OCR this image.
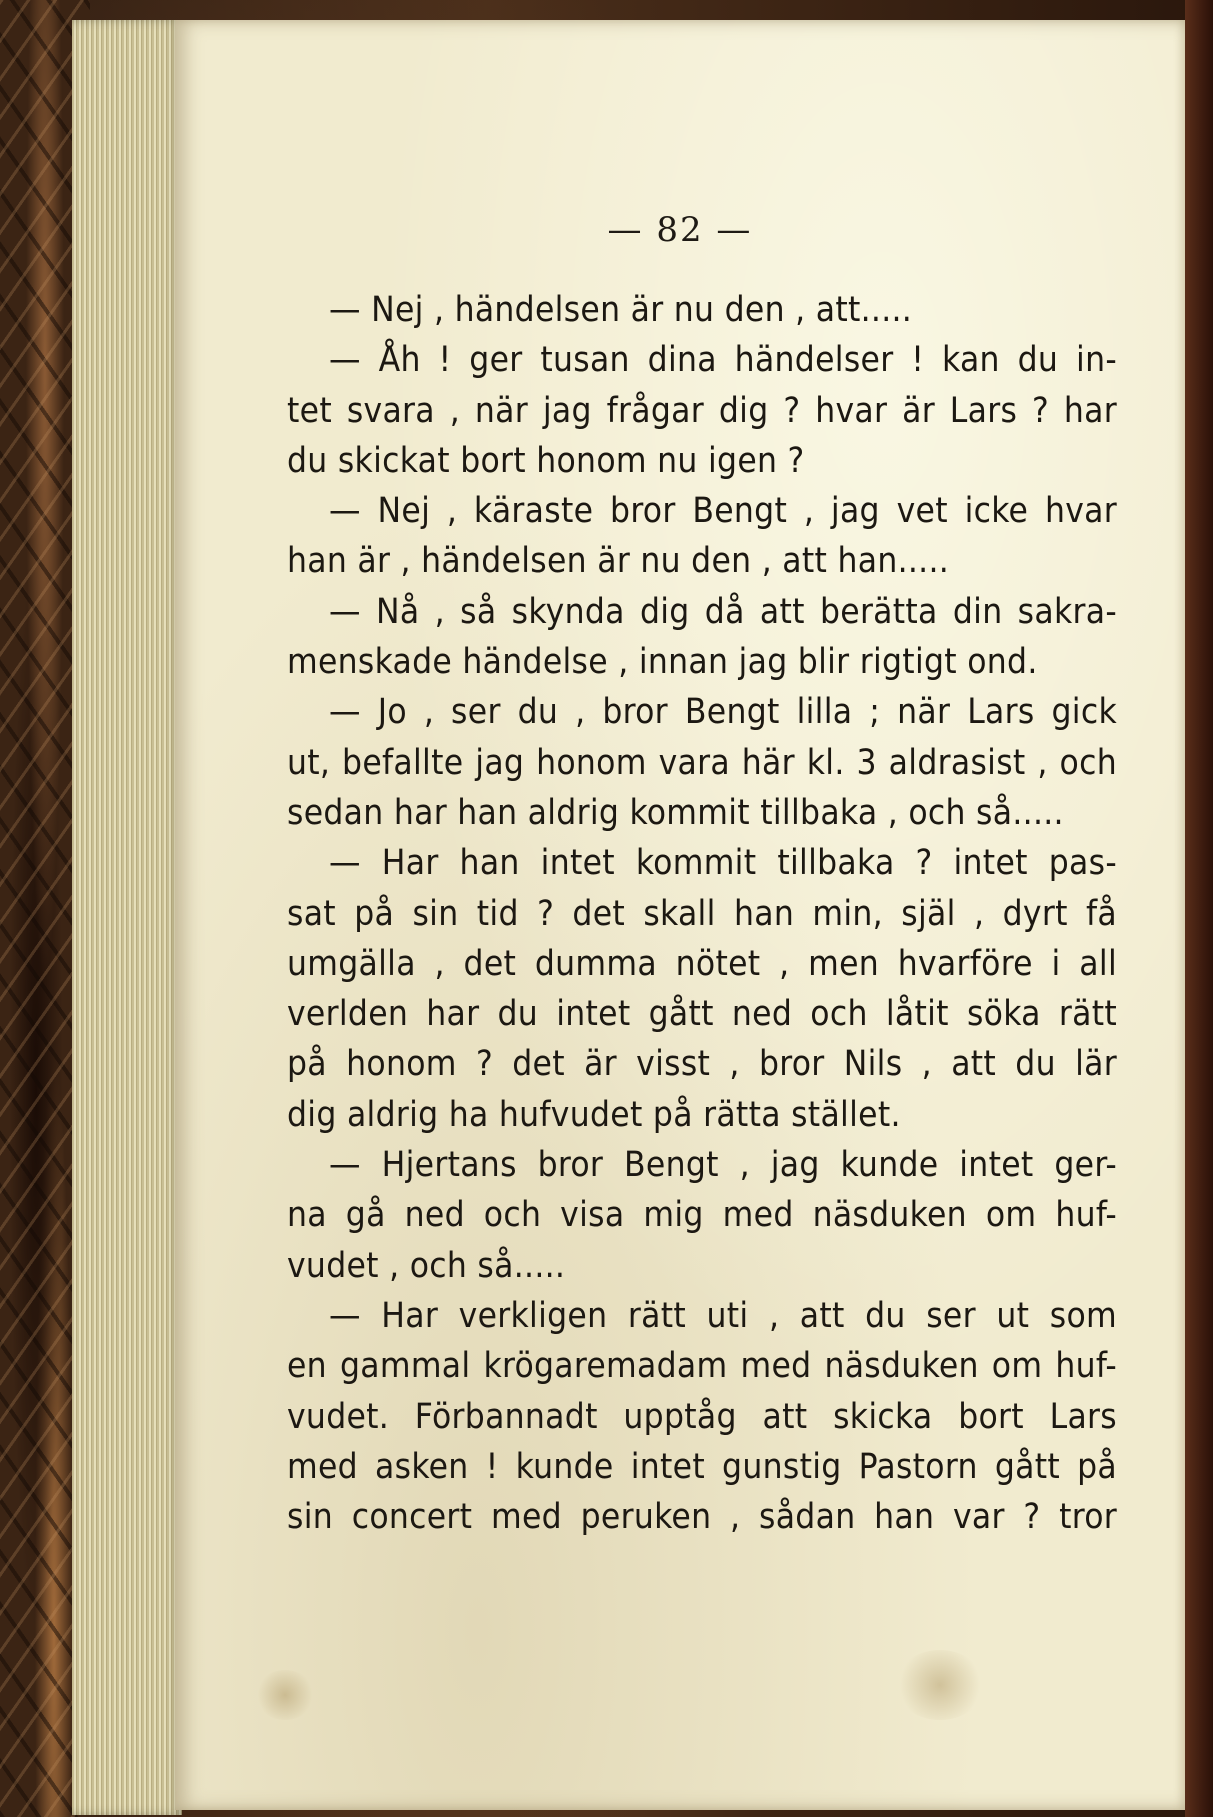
— 82 —
— Nej , händelsen är nu den , att.....
— Åh ! ger tusan dina händelser ! kan du in-
tet svara , när jag frågar dig ? hvar är Lars ? har
du skickat bort honom nu igen ?
— Nej , käraste bror Bengt , jag vet icke hvar
han är , händelsen är nu den , att han.....
— Nå , så skynda dig då att berätta din sakra-
menskade händelse , innan jag blir rigtigt ond.
— Jo , ser du , bror Bengt lilla ; när Lars gick
ut, befallte jag honom vara här kl. 3 aldrasist , och
sedan har han aldrig kommit tillbaka , och så.....
— Har han intet kommit tillbaka ? intet pas-
sat på sin tid ? det skall han min, själ , dyrt få
umgälla , det dumma nötet , men hvarföre i all
verlden har du intet gått ned och låtit söka rätt
på honom ? det är visst , bror Nils , att du lär
dig aldrig ha hufvudet på rätta stället.
— Hjertans bror Bengt , jag kunde intet ger-
na gå ned och visa mig med näsduken om huf-
vudet , och så.....
— Har verkligen rätt uti , att du ser ut som
en gammal krögaremadam med näsduken om huf-
vudet. Förbannadt upptåg att skicka bort Lars
med asken ! kunde intet gunstig Pastorn gått på
sin concert med peruken , sådan han var ? tror
